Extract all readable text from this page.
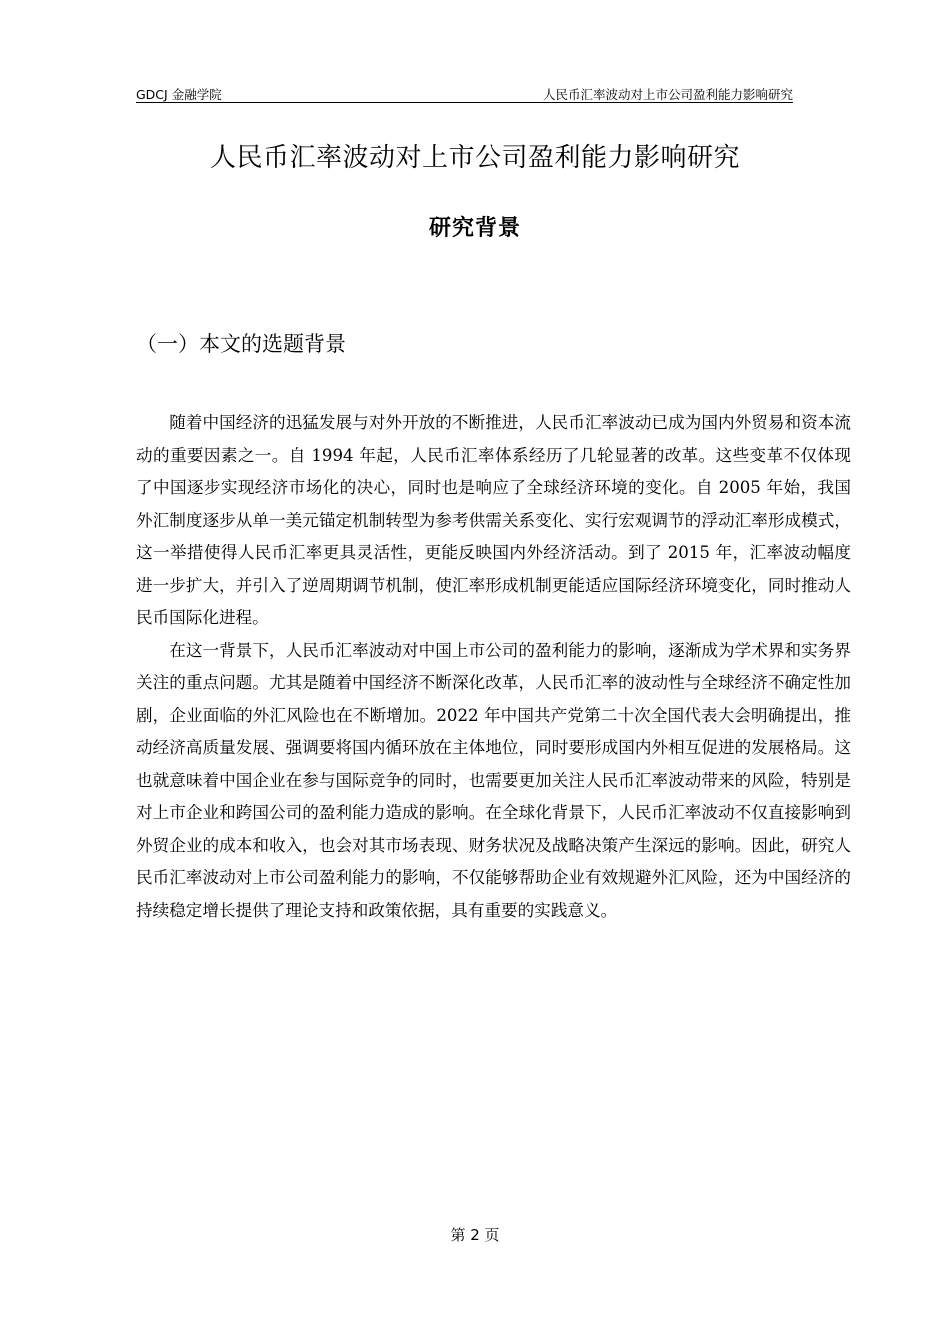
GDCJ 金融学院	人民币汇率波动对上市公司盈利能力影响研究
人民币汇率波动对上市公司盈利能力影响研究
研究背景
（一）本文的选题背景

随着中国经济的迅猛发展与对外开放的不断推进，人民币汇率波动已成为国内外贸易和资本流动的重要因素之一。自 1994 年起，人民币汇率体系经历了几轮显著的改革。这些变革不仅体现了中国逐步实现经济市场化的决心，同时也是响应了全球经济环境的变化。自 2005 年始，我国外汇制度逐步从单一美元锚定机制转型为参考供需关系变化、实行宏观调节的浮动汇率形成模式，这一举措使得人民币汇率更具灵活性，更能反映国内外经济活动。到了 2015 年，汇率波动幅度进一步扩大，并引入了逆周期调节机制，使汇率形成机制更能适应国际经济环境变化，同时推动人民币国际化进程。

在这一背景下，人民币汇率波动对中国上市公司的盈利能力的影响，逐渐成为学术界和实务界关注的重点问题。尤其是随着中国经济不断深化改革，人民币汇率的波动性与全球经济不确定性加剧，企业面临的外汇风险也在不断增加。2022 年中国共产党第二十次全国代表大会明确提出，推动经济高质量发展、强调要将国内循环放在主体地位，同时要形成国内外相互促进的发展格局。这也就意味着中国企业在参与国际竞争的同时，也需要更加关注人民币汇率波动带来的风险，特别是对上市企业和跨国公司的盈利能力造成的影响。在全球化背景下，人民币汇率波动不仅直接影响到外贸企业的成本和收入，也会对其市场表现、财务状况及战略决策产生深远的影响。因此，研究人民币汇率波动对上市公司盈利能力的影响，不仅能够帮助企业有效规避外汇风险，还为中国经济的持续稳定增长提供了理论支持和政策依据，具有重要的实践意义。

第 2 页
